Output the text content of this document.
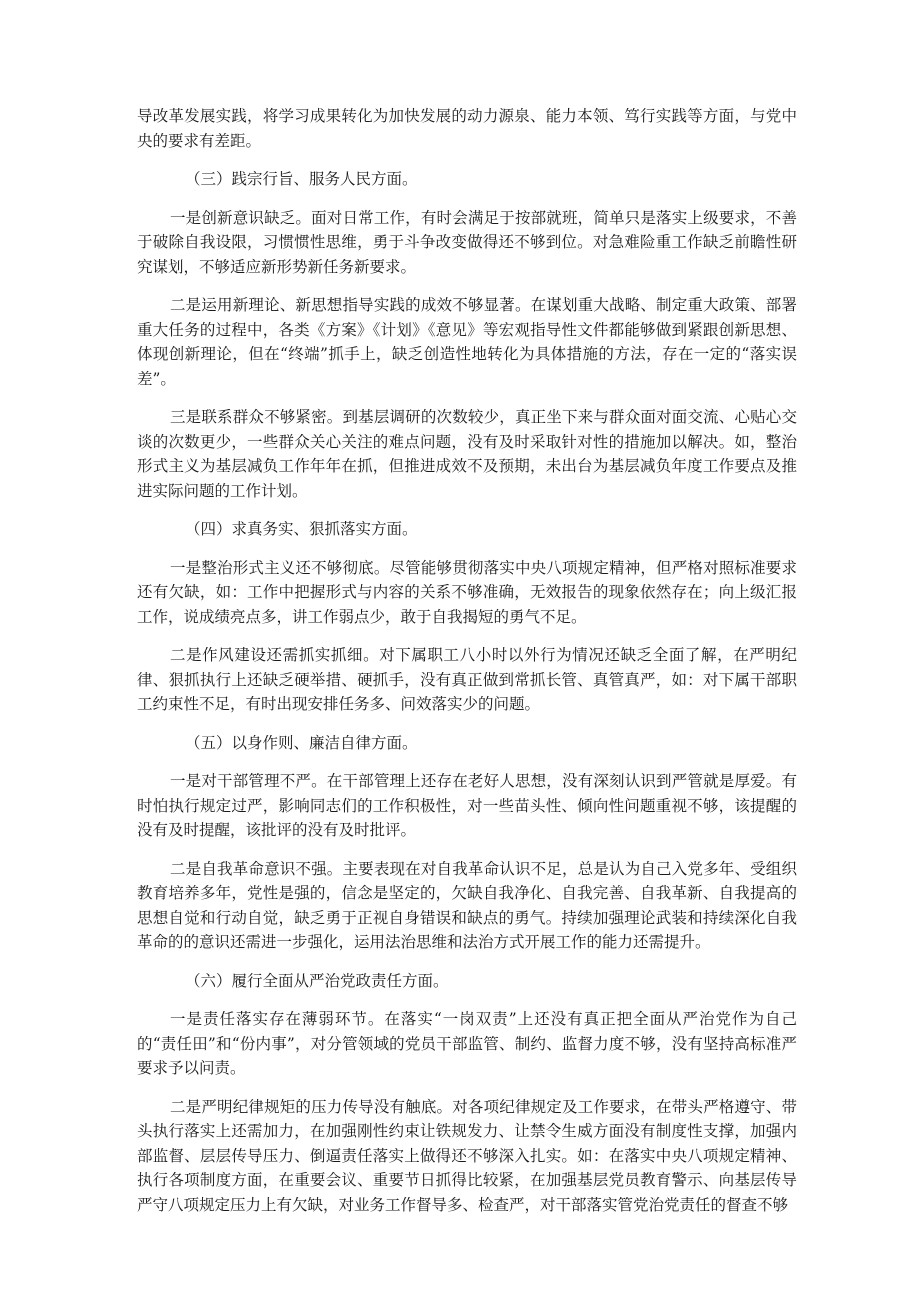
导改革发展实践，将学习成果转化为加快发展的动力源泉、能力本领、笃行实践等方面，与党中央的要求有差距。

（三）践宗行旨、服务人民方面。

一是创新意识缺乏。面对日常工作，有时会满足于按部就班，简单只是落实上级要求，不善于破除自我设限，习惯惯性思维，勇于斗争改变做得还不够到位。对急难险重工作缺乏前瞻性研究谋划，不够适应新形势新任务新要求。

二是运用新理论、新思想指导实践的成效不够显著。在谋划重大战略、制定重大政策、部署重大任务的过程中，各类《方案》《计划》《意见》等宏观指导性文件都能够做到紧跟创新思想、体现创新理论，但在“终端”抓手上，缺乏创造性地转化为具体措施的方法，存在一定的“落实误差”。

三是联系群众不够紧密。到基层调研的次数较少，真正坐下来与群众面对面交流、心贴心交谈的次数更少，一些群众关心关注的难点问题，没有及时采取针对性的措施加以解决。如，整治形式主义为基层减负工作年年在抓，但推进成效不及预期，未出台为基层减负年度工作要点及推进实际问题的工作计划。

（四）求真务实、狠抓落实方面。

一是整治形式主义还不够彻底。尽管能够贯彻落实中央八项规定精神，但严格对照标准要求还有欠缺，如：工作中把握形式与内容的关系不够准确，无效报告的现象依然存在；向上级汇报工作，说成绩亮点多，讲工作弱点少，敢于自我揭短的勇气不足。

二是作风建设还需抓实抓细。对下属职工八小时以外行为情况还缺乏全面了解，在严明纪律、狠抓执行上还缺乏硬举措、硬抓手，没有真正做到常抓长管、真管真严，如：对下属干部职工约束性不足，有时出现安排任务多、问效落实少的问题。

（五）以身作则、廉洁自律方面。

一是对干部管理不严。在干部管理上还存在老好人思想，没有深刻认识到严管就是厚爱。有时怕执行规定过严，影响同志们的工作积极性，对一些苗头性、倾向性问题重视不够，该提醒的没有及时提醒，该批评的没有及时批评。

二是自我革命意识不强。主要表现在对自我革命认识不足，总是认为自己入党多年、受组织教育培养多年，党性是强的，信念是坚定的，欠缺自我净化、自我完善、自我革新、自我提高的思想自觉和行动自觉，缺乏勇于正视自身错误和缺点的勇气。持续加强理论武装和持续深化自我革命的的意识还需进一步强化，运用法治思维和法治方式开展工作的能力还需提升。

（六）履行全面从严治党政责任方面。

一是责任落实存在薄弱环节。在落实“一岗双责”上还没有真正把全面从严治党作为自己的“责任田”和“份内事”，对分管领域的党员干部监管、制约、监督力度不够，没有坚持高标准严要求予以问责。

二是严明纪律规矩的压力传导没有触底。对各项纪律规定及工作要求，在带头严格遵守、带头执行落实上还需加力，在加强刚性约束让铁规发力、让禁令生威方面没有制度性支撑，加强内部监督、层层传导压力、倒逼责任落实上做得还不够深入扎实。如：在落实中央八项规定精神、执行各项制度方面，在重要会议、重要节日抓得比较紧，在加强基层党员教育警示、向基层传导严守八项规定压力上有欠缺，对业务工作督导多、检查严，对干部落实管党治党责任的督查不够
